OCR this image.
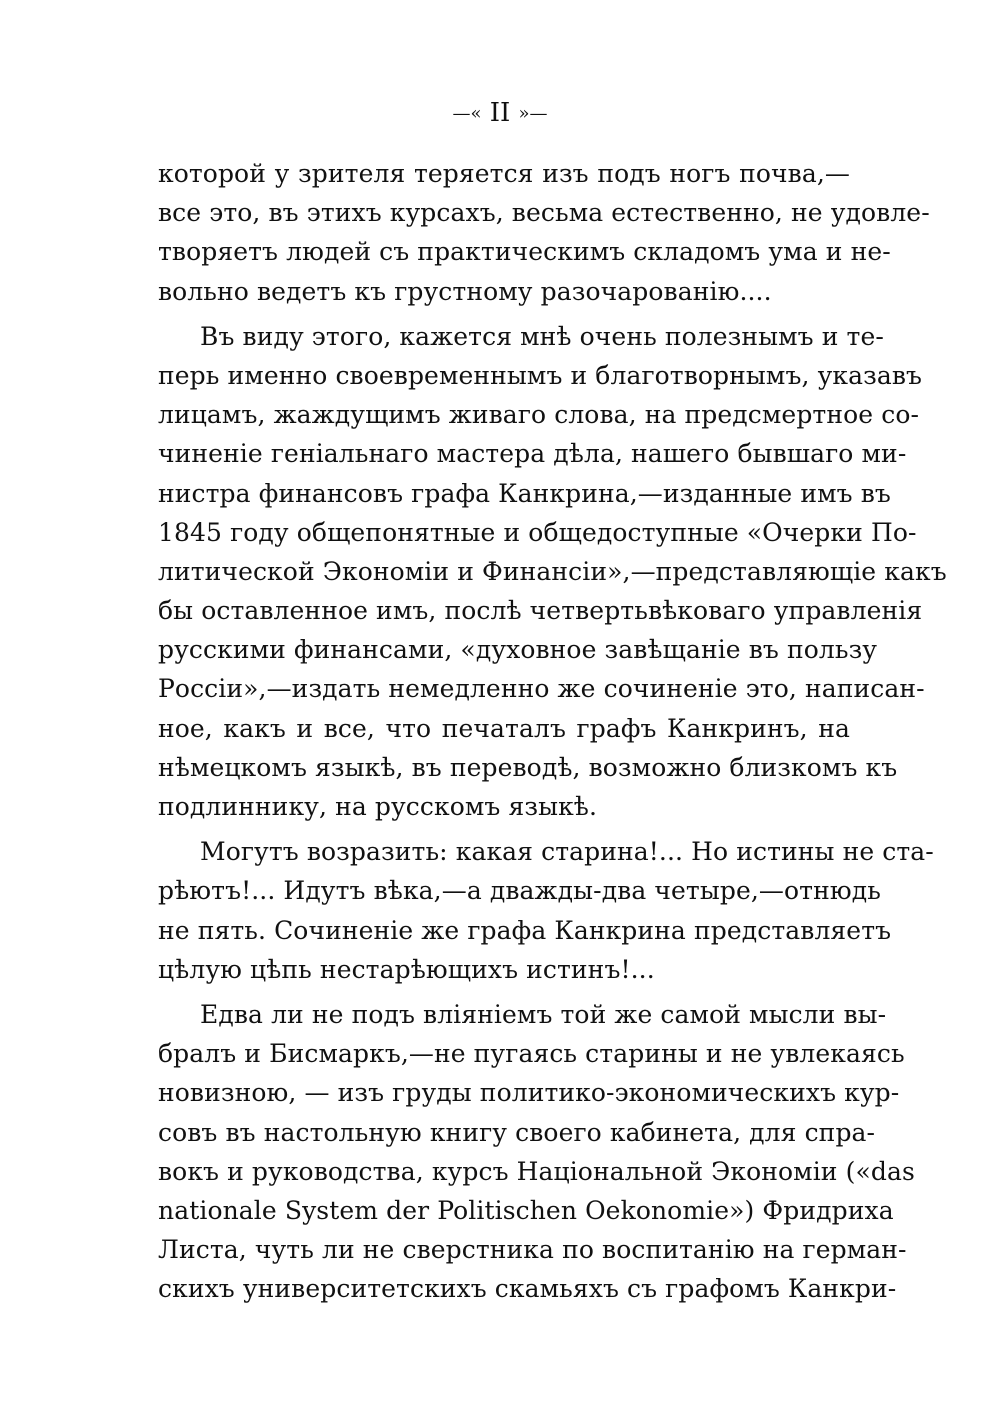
—« II »—
которой у зрителя теряется изъ подъ ногъ почва,—
все это, въ этихъ курсахъ, весьма естественно, не удовле-
творяетъ людей съ практическимъ складомъ ума и не-
вольно ведетъ къ грустному разочарованію....
Въ виду этого, кажется мнѣ очень полезнымъ и те-
перь именно своевременнымъ и благотворнымъ, указавъ
лицамъ, жаждущимъ живаго слова, на предсмертное со-
чиненіе геніальнаго мастера дѣла, нашего бывшаго ми-
нистра финансовъ графа Канкрина,—изданные имъ въ
1845 году общепонятные и общедоступные «Очерки По-
литической Экономіи и Финансіи»,—представляющіе какъ
бы оставленное имъ, послѣ четвертьвѣковаго управленія
русскими финансами, «духовное завѣщаніе въ пользу
Россіи»,—издать немедленно же сочиненіе это, написан-
ное, какъ и все, что печаталъ графъ Канкринъ, на
нѣмецкомъ языкѣ, въ переводѣ, возможно близкомъ къ
подлиннику, на русскомъ языкѣ.
Могутъ возразить: какая старина!... Но истины не ста-
рѣютъ!... Идутъ вѣка,—а дважды-два четыре,—отнюдь
не пять. Сочиненіе же графа Канкрина представляетъ
цѣлую цѣпь нестарѣющихъ истинъ!...
Едва ли не подъ вліяніемъ той же самой мысли вы-
бралъ и Бисмаркъ,—не пугаясь старины и не увлекаясь
новизною, — изъ груды политико-экономическихъ кур-
совъ въ настольную книгу своего кабинета, для спра-
вокъ и руководства, курсъ Національной Экономіи («das
nationale System der Politischen Oekonomie») Фридриха
Листа, чуть ли не сверстника по воспитанію на герман-
скихъ университетскихъ скамьяхъ съ графомъ Канкри-
